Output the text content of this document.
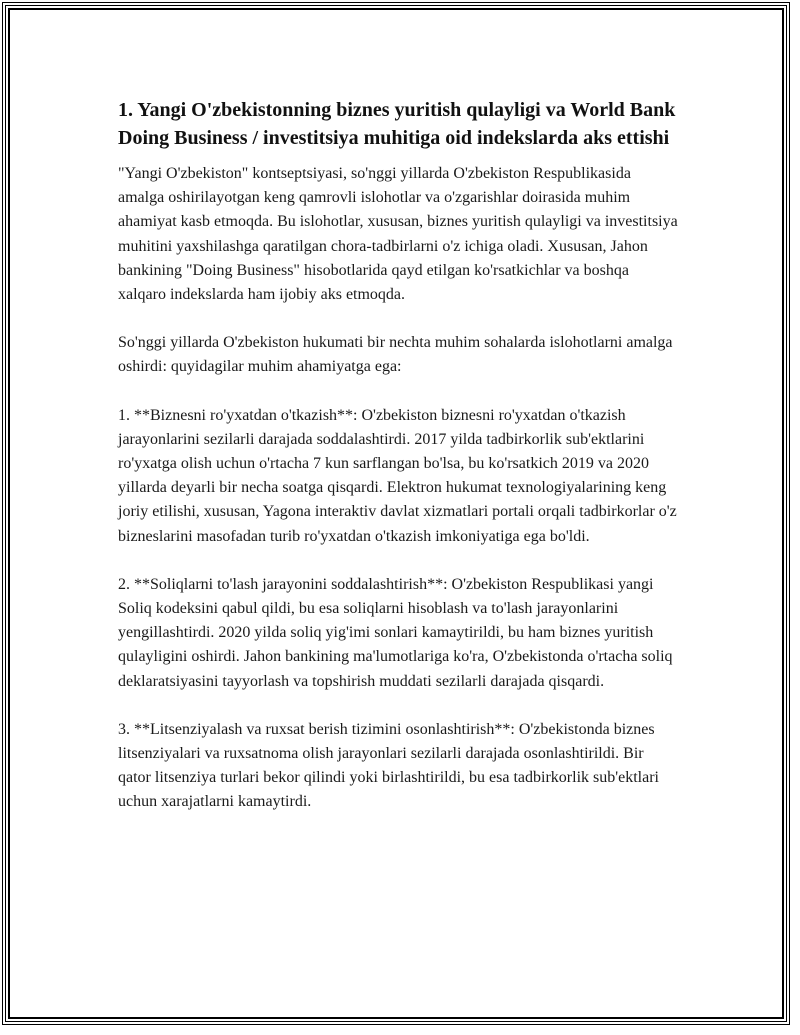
1. Yangi O'zbekistonning biznes yuritish qulayligi va World Bank Doing Business / investitsiya muhitiga oid indekslarda aks ettishi

"Yangi O'zbekiston" kontseptsiyasi, so'nggi yillarda O'zbekiston Respublikasida amalga oshirilayotgan keng qamrovli islohotlar va o'zgarishlar doirasida muhim ahamiyat kasb etmoqda. Bu islohotlar, xususan, biznes yuritish qulayligi va investitsiya muhitini yaxshilashga qaratilgan chora-tadbirlarni o'z ichiga oladi. Xususan, Jahon bankining "Doing Business" hisobotlarida qayd etilgan ko'rsatkichlar va boshqa xalqaro indekslarda ham ijobiy aks etmoqda.

So'nggi yillarda O'zbekiston hukumati bir nechta muhim sohalarda islohotlarni amalga oshirdi: quyidagilar muhim ahamiyatga ega:

1. **Biznesni ro'yxatdan o'tkazish**: O'zbekiston biznesni ro'yxatdan o'tkazish jarayonlarini sezilarli darajada soddalashtirdi. 2017 yilda tadbirkorlik sub'ektlarini ro'yxatga olish uchun o'rtacha 7 kun sarflangan bo'lsa, bu ko'rsatkich 2019 va 2020 yillarda deyarli bir necha soatga qisqardi. Elektron hukumat texnologiyalarining keng joriy etilishi, xususan, Yagona interaktiv davlat xizmatlari portali orqali tadbirkorlar o'z bizneslarini masofadan turib ro'yxatdan o'tkazish imkoniyatiga ega bo'ldi.

2. **Soliqlarni to'lash jarayonini soddalashtirish**: O'zbekiston Respublikasi yangi Soliq kodeksini qabul qildi, bu esa soliqlarni hisoblash va to'lash jarayonlarini yengillashtirdi. 2020 yilda soliq yig'imi sonlari kamaytirildi, bu ham biznes yuritish qulayligini oshirdi. Jahon bankining ma'lumotlariga ko'ra, O'zbekistonda o'rtacha soliq deklaratsiyasini tayyorlash va topshirish muddati sezilarli darajada qisqardi.

3. **Litsenziyalash va ruxsat berish tizimini osonlashtirish**: O'zbekistonda biznes litsenziyalari va ruxsatnoma olish jarayonlari sezilarli darajada osonlashtirildi. Bir qator litsenziya turlari bekor qilindi yoki birlashtirildi, bu esa tadbirkorlik sub'ektlari uchun xarajatlarni kamaytirdi.
